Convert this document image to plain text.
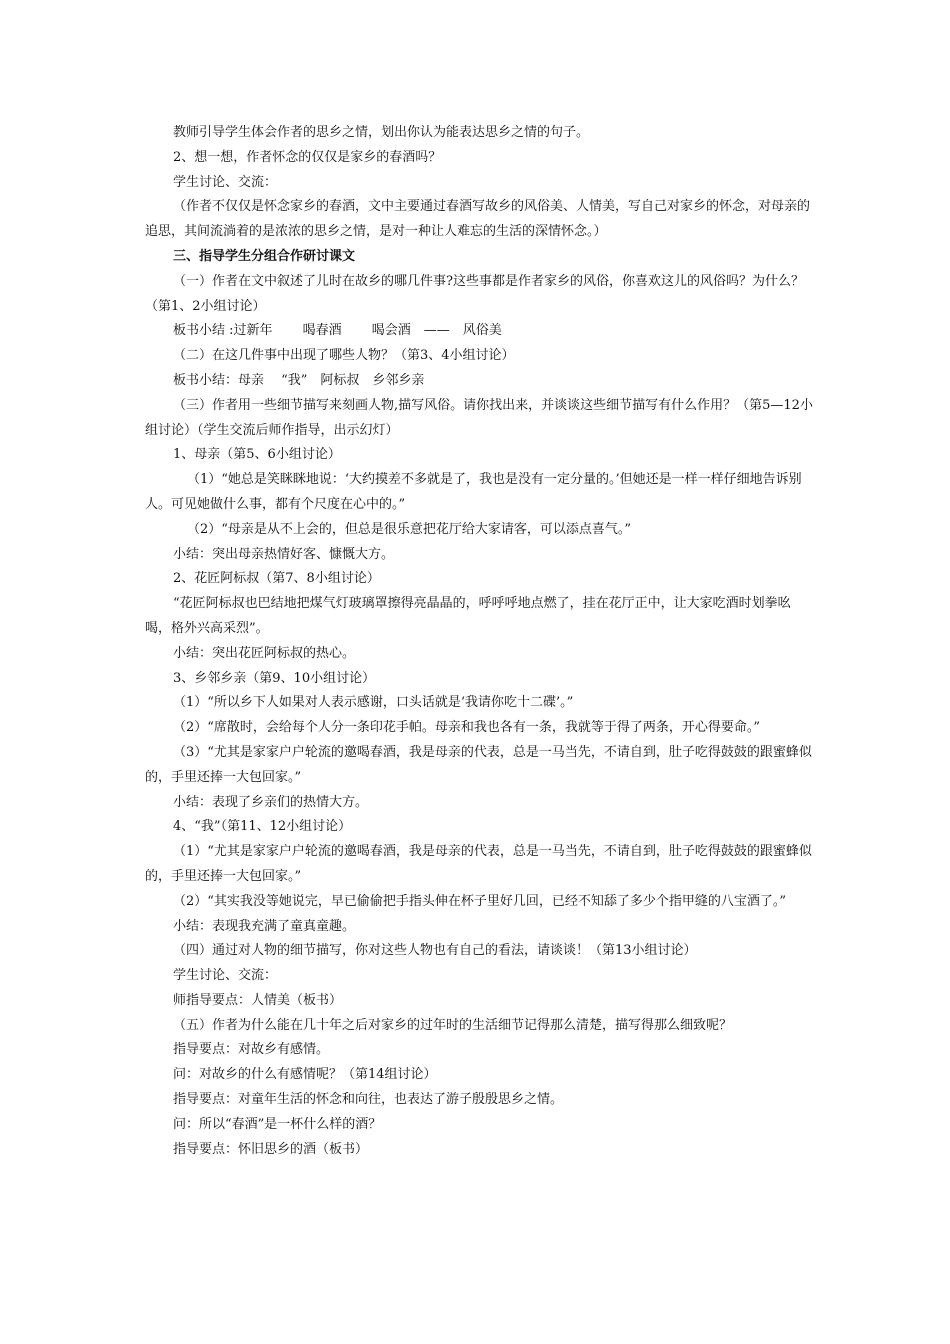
教师引导学生体会作者的思乡之情，划出你认为能表达思乡之情的句子。

2、想一想，作者怀念的仅仅是家乡的春酒吗？

学生讨论、交流：

（作者不仅仅是怀念家乡的春酒，文中主要通过春酒写故乡的风俗美、人情美，写自己对家乡的怀念，对母亲的追思，其间流淌着的是浓浓的思乡之情，是对一种让人难忘的生活的深情怀念。）

三、指导学生分组合作研讨课文

（一）作者在文中叙述了儿时在故乡的哪几件事?这些事都是作者家乡的风俗，你喜欢这儿的风俗吗？为什么？（第1、2小组讨论）

板书小结 :过新年　　 喝春酒　　 喝会酒　——　风俗美

（二）在这几件事中出现了哪些人物？（第3、4小组讨论）

板书小结：母亲　 “我”　阿标叔　乡邻乡亲

（三）作者用一些细节描写来刻画人物,描写风俗。请你找出来，并谈谈这些细节描写有什么作用？（第5—12小组讨论）（学生交流后师作指导，出示幻灯）

1、母亲（第5、6小组讨论）

（1）“她总是笑眯眯地说：‘大约摸差不多就是了，我也是没有一定分量的。’但她还是一样一样仔细地告诉别人。可见她做什么事，都有个尺度在心中的。”

（2）“母亲是从不上会的，但总是很乐意把花厅给大家请客，可以添点喜气。”

小结：突出母亲热情好客、慷慨大方。

2、花匠阿标叔（第7、8小组讨论）

“花匠阿标叔也巴结地把煤气灯玻璃罩擦得亮晶晶的，呼呼呼地点燃了，挂在花厅正中，让大家吃酒时划拳吆喝，格外兴高采烈”。

小结：突出花匠阿标叔的热心。

3、乡邻乡亲（第9、10小组讨论）

（1）“所以乡下人如果对人表示感谢，口头话就是‘我请你吃十二碟’。”

（2）“席散时，会给每个人分一条印花手帕。母亲和我也各有一条，我就等于得了两条，开心得要命。”

（3）“尤其是家家户户轮流的邀喝春酒，我是母亲的代表，总是一马当先，不请自到，肚子吃得鼓鼓的跟蜜蜂似的，手里还捧一大包回家。”

小结：表现了乡亲们的热情大方。

4、“我”（第11、12小组讨论）

（1）“尤其是家家户户轮流的邀喝春酒，我是母亲的代表，总是一马当先，不请自到，肚子吃得鼓鼓的跟蜜蜂似的，手里还捧一大包回家。”

（2）“其实我没等她说完，早已偷偷把手指头伸在杯子里好几回，已经不知舔了多少个指甲缝的八宝酒了。”

小结：表现我充满了童真童趣。

（四）通过对人物的细节描写，你对这些人物也有自己的看法，请谈谈！（第13小组讨论）

学生讨论、交流：

师指导要点：人情美（板书）

（五）作者为什么能在几十年之后对家乡的过年时的生活细节记得那么清楚，描写得那么细致呢？

指导要点：对故乡有感情。

问：对故乡的什么有感情呢？（第14组讨论）

指导要点：对童年生活的怀念和向往，也表达了游子殷殷思乡之情。

问：所以“春酒”是一杯什么样的酒？

指导要点：怀旧思乡的酒（板书）
